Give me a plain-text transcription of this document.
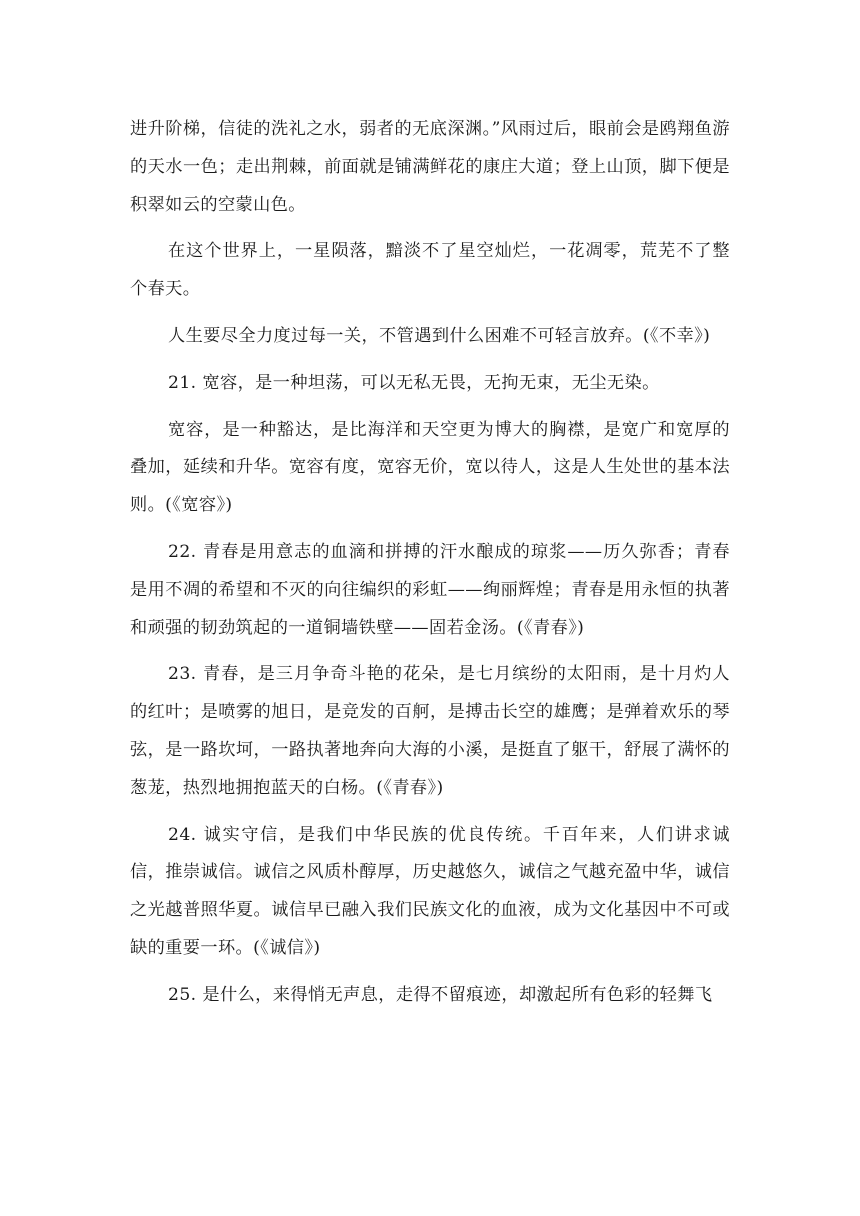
进升阶梯，信徒的洗礼之水，弱者的无底深渊。”风雨过后，眼前会是鸥翔鱼游的天水一色；走出荆棘，前面就是铺满鲜花的康庄大道；登上山顶，脚下便是积翠如云的空蒙山色。

在这个世界上，一星陨落，黯淡不了星空灿烂，一花凋零，荒芜不了整个春天。

人生要尽全力度过每一关，不管遇到什么困难不可轻言放弃。(《不幸》)

21. 宽容，是一种坦荡，可以无私无畏，无拘无束，无尘无染。

宽容，是一种豁达，是比海洋和天空更为博大的胸襟，是宽广和宽厚的叠加，延续和升华。宽容有度，宽容无价，宽以待人，这是人生处世的基本法则。(《宽容》)

22. 青春是用意志的血滴和拼搏的汗水酿成的琼浆——历久弥香；青春是用不凋的希望和不灭的向往编织的彩虹——绚丽辉煌；青春是用永恒的执著和顽强的韧劲筑起的一道铜墙铁壁——固若金汤。(《青春》)

23. 青春，是三月争奇斗艳的花朵，是七月缤纷的太阳雨，是十月灼人的红叶；是喷雾的旭日，是竞发的百舸，是搏击长空的雄鹰；是弹着欢乐的琴弦，是一路坎坷，一路执著地奔向大海的小溪，是挺直了躯干，舒展了满怀的葱茏，热烈地拥抱蓝天的白杨。(《青春》)

24. 诚实守信，是我们中华民族的优良传统。千百年来，人们讲求诚信，推崇诚信。诚信之风质朴醇厚，历史越悠久，诚信之气越充盈中华，诚信之光越普照华夏。诚信早已融入我们民族文化的血液，成为文化基因中不可或缺的重要一环。(《诚信》)

25. 是什么，来得悄无声息，走得不留痕迹，却激起所有色彩的轻舞飞
